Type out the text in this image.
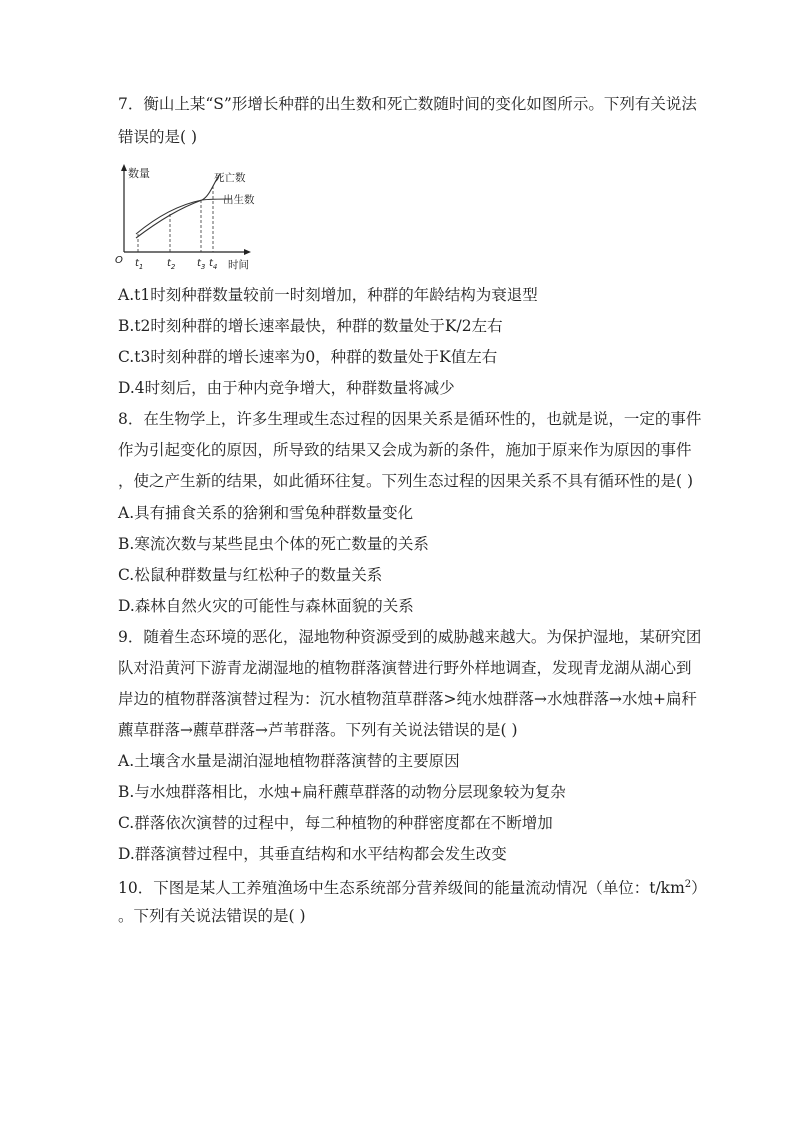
7．衡山上某“S”形增长种群的出生数和死亡数随时间的变化如图所示。下列有关说法
错误的是( )
数量	死亡数
出生数
O	时间
$t_1$ $t_2$ $t_3$ $t_4$
A.t1时刻种群数量较前一时刻增加，种群的年龄结构为衰退型
B.t2时刻种群的增长速率最快，种群的数量处于K/2左右
C.t3时刻种群的增长速率为0，种群的数量处于K值左右
D.4时刻后，由于种内竞争增大，种群数量将减少
8．在生物学上，许多生理或生态过程的因果关系是循环性的，也就是说，一定的事件
作为引起变化的原因，所导致的结果又会成为新的条件，施加于原来作为原因的事件
，使之产生新的结果，如此循环往复。下列生态过程的因果关系不具有循环性的是( )
A.具有捕食关系的猞猁和雪兔种群数量变化
B.寒流次数与某些昆虫个体的死亡数量的关系
C.松鼠种群数量与红松种子的数量关系
D.森林自然火灾的可能性与森林面貌的关系
9．随着生态环境的恶化，湿地物种资源受到的威胁越来越大。为保护湿地，某研究团
队对沿黄河下游青龙湖湿地的植物群落演替进行野外样地调查，发现青龙湖从湖心到
岸边的植物群落演替过程为：沉水植物菹草群落>纯水烛群落→水烛群落→水烛+扁秆
藨草群落→藨草群落→芦苇群落。下列有关说法错误的是( )
A.土壤含水量是湖泊湿地植物群落演替的主要原因
B.与水烛群落相比，水烛+扁秆藨草群落的动物分层现象较为复杂
C.群落依次演替的过程中，每二种植物的种群密度都在不断增加
D.群落演替过程中，其垂直结构和水平结构都会发生改变
10．下图是某人工养殖渔场中生态系统部分营养级间的能量流动情况（单位：$t/km^2$）
。下列有关说法错误的是( )
